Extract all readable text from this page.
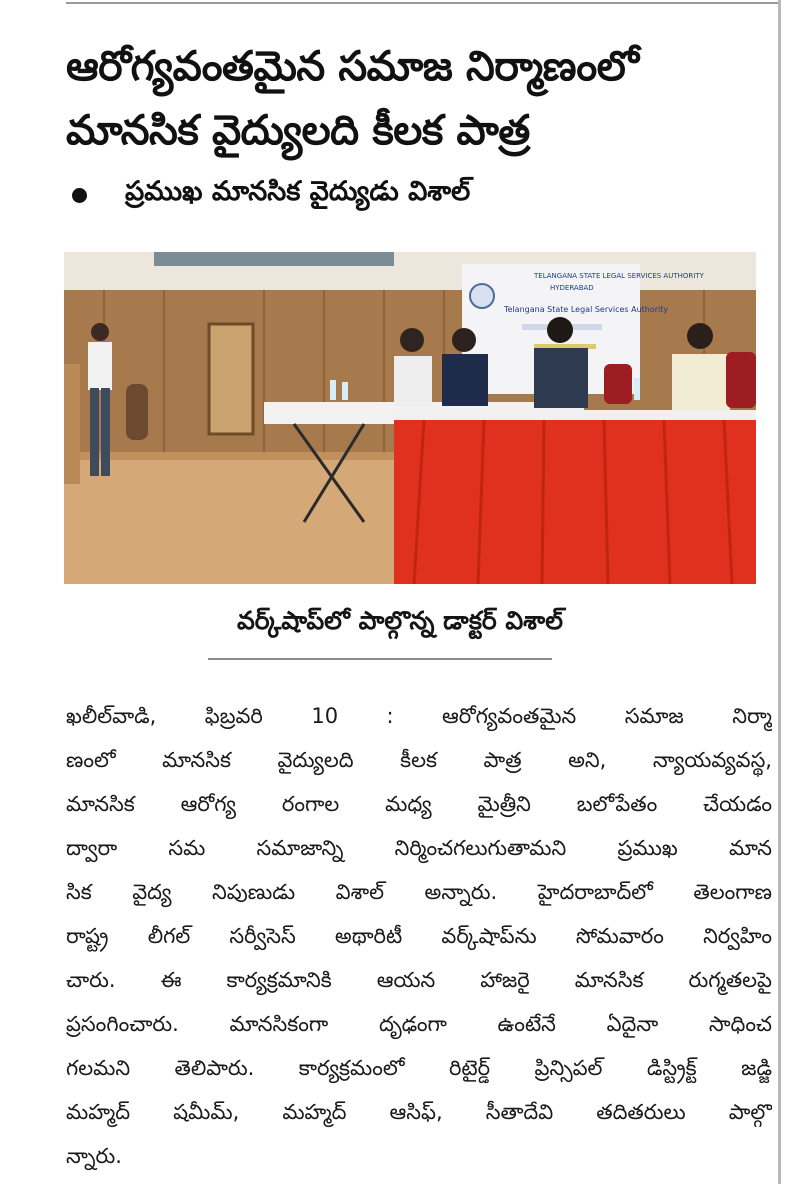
ఆరోగ్యవంతమైన సమాజ నిర్మాణంలో
మానసిక వైద్యులది కీలక పాత్ర
ప్రముఖ మానసిక వైద్యుడు విశాల్
TELANGANA STATE LEGAL SERVICES AUTHORITY
HYDERABAD
Telangana State Legal Services Authority
వర్క్‌షాప్‌లో పాల్గొన్న డాక్టర్ విశాల్
ఖలీల్‌వాడి, ఫిబ్రవరి 10 : ఆరోగ్యవంతమైన సమాజ నిర్మా
ణంలో మానసిక వైద్యులది కీలక పాత్ర అని, న్యాయవ్యవస్థ,
మానసిక ఆరోగ్య రంగాల మధ్య మైత్రీని బలోపేతం చేయడం
ద్వారా సమ సమాజాన్ని నిర్మించగలుగుతామని ప్రముఖ మాన
సిక వైద్య నిపుణుడు విశాల్ అన్నారు. హైదరాబాద్‌లో తెలంగాణ
రాష్ట్ర లీగల్ సర్వీసెస్ అథారిటీ వర్క్‌షాప్‌ను సోమవారం నిర్వహిం
చారు. ఈ కార్యక్రమానికి ఆయన హాజరై మానసిక రుగ్మతలపై
ప్రసంగించారు. మానసికంగా దృఢంగా ఉంటేనే ఏదైనా సాధించ
గలమని తెలిపారు. కార్యక్రమంలో రిటైర్డ్ ప్రిన్సిపల్ డిస్ట్రిక్ట్ జడ్జి
మహ్మద్ షమీమ్, మహ్మద్ ఆసిఫ్, సీతాదేవి తదితరులు పాల్గొ
న్నారు.
